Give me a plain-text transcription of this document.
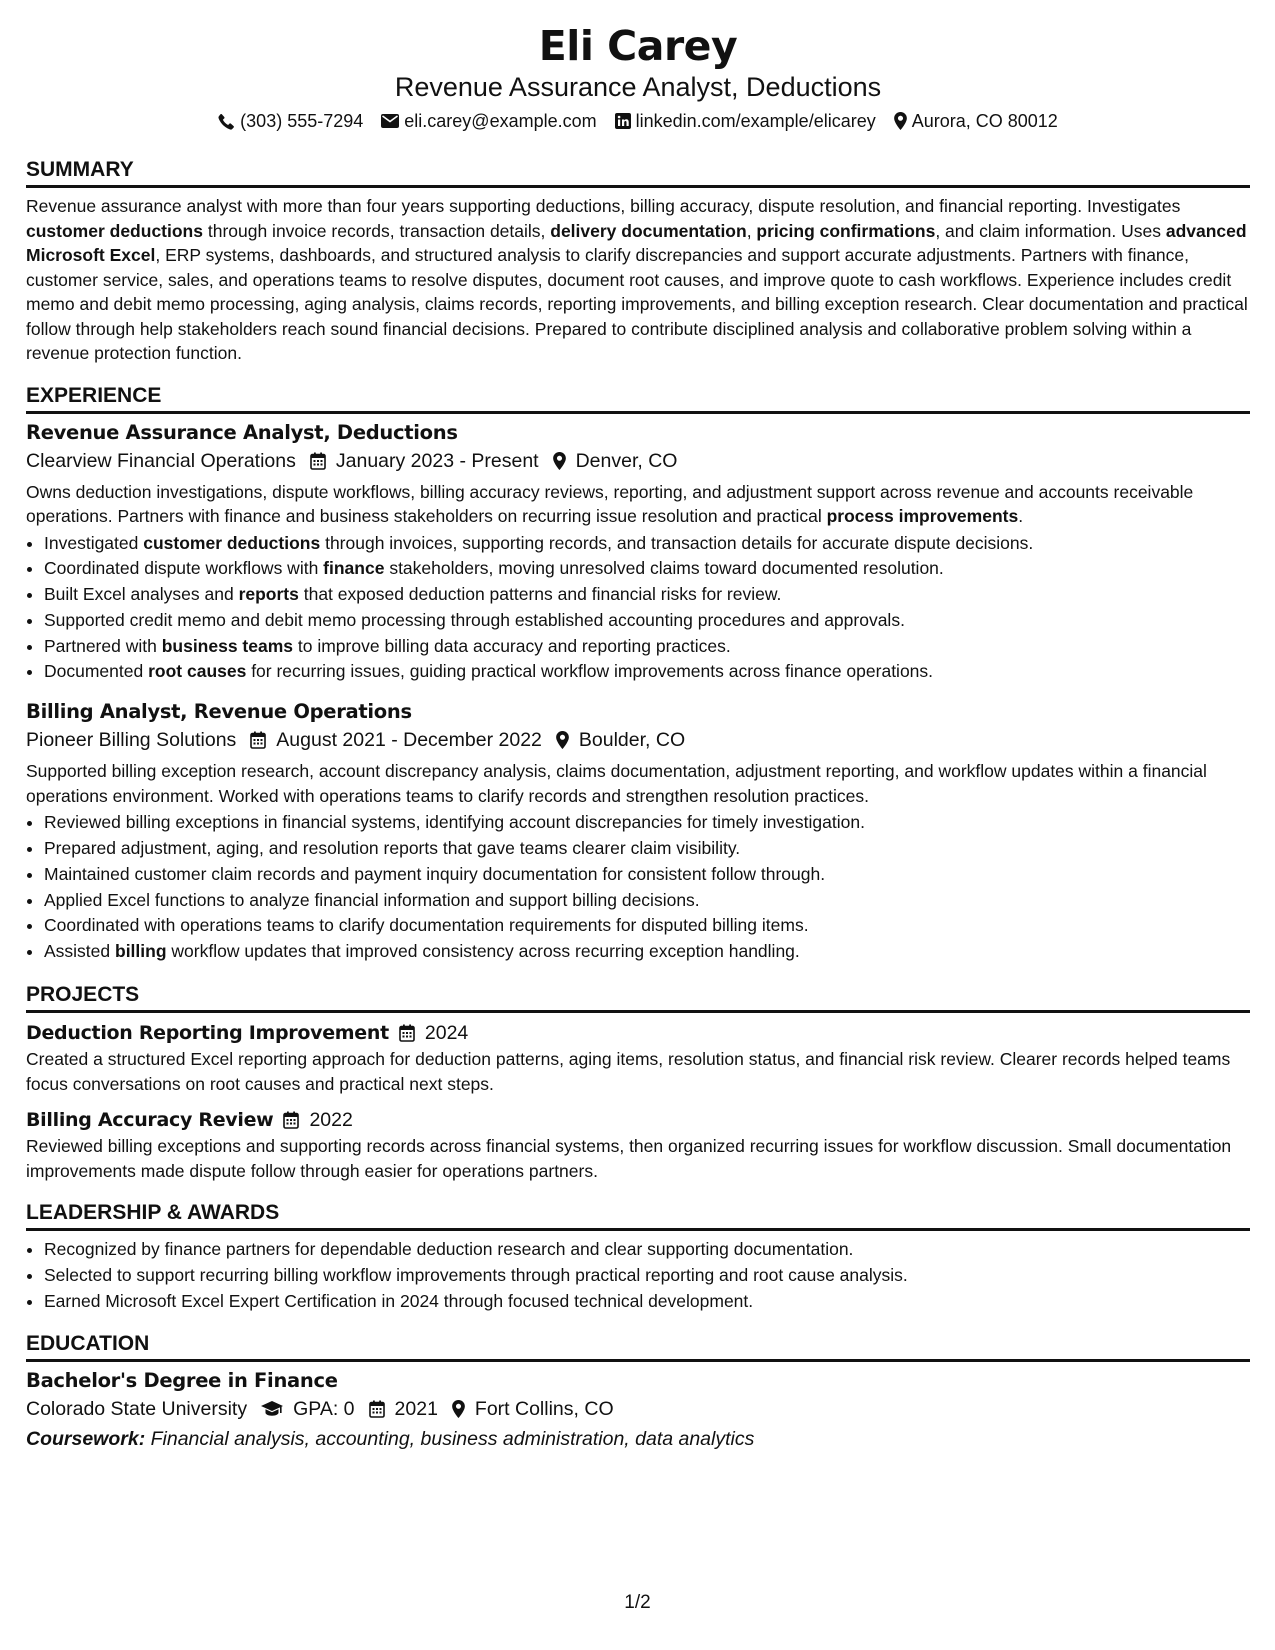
Eli Carey
Revenue Assurance Analyst, Deductions
(303) 555-7294 eli.carey@example.com linkedin.com/example/elicarey Aurora, CO 80012
SUMMARY

Revenue assurance analyst with more than four years supporting deductions, billing accuracy, dispute resolution, and financial reporting. Investigates customer deductions through invoice records, transaction details, delivery documentation, pricing confirmations, and claim information. Uses advanced Microsoft Excel, ERP systems, dashboards, and structured analysis to clarify discrepancies and support accurate adjustments. Partners with finance, customer service, sales, and operations teams to resolve disputes, document root causes, and improve quote to cash workflows. Experience includes credit memo and debit memo processing, aging analysis, claims records, reporting improvements, and billing exception research. Clear documentation and practical follow through help stakeholders reach sound financial decisions. Prepared to contribute disciplined analysis and collaborative problem solving within a revenue protection function.

EXPERIENCE
Revenue Assurance Analyst, Deductions
Clearview Financial Operations January 2023 - Present Denver, CO

Owns deduction investigations, dispute workflows, billing accuracy reviews, reporting, and adjustment support across revenue and accounts receivable operations. Partners with finance and business stakeholders on recurring issue resolution and practical process improvements.

• Investigated customer deductions through invoices, supporting records, and transaction details for accurate dispute decisions.
• Coordinated dispute workflows with finance stakeholders, moving unresolved claims toward documented resolution.
• Built Excel analyses and reports that exposed deduction patterns and financial risks for review.
• Supported credit memo and debit memo processing through established accounting procedures and approvals.
• Partnered with business teams to improve billing data accuracy and reporting practices.
• Documented root causes for recurring issues, guiding practical workflow improvements across finance operations.
Billing Analyst, Revenue Operations
Pioneer Billing Solutions August 2021 - December 2022 Boulder, CO

Supported billing exception research, account discrepancy analysis, claims documentation, adjustment reporting, and workflow updates within a financial operations environment. Worked with operations teams to clarify records and strengthen resolution practices.

• Reviewed billing exceptions in financial systems, identifying account discrepancies for timely investigation.
• Prepared adjustment, aging, and resolution reports that gave teams clearer claim visibility.
• Maintained customer claim records and payment inquiry documentation for consistent follow through.
• Applied Excel functions to analyze financial information and support billing decisions.
• Coordinated with operations teams to clarify documentation requirements for disputed billing items.
• Assisted billing workflow updates that improved consistency across recurring exception handling.
PROJECTS
Deduction Reporting Improvement 2024

Created a structured Excel reporting approach for deduction patterns, aging items, resolution status, and financial risk review. Clearer records helped teams focus conversations on root causes and practical next steps.

Billing Accuracy Review 2022

Reviewed billing exceptions and supporting records across financial systems, then organized recurring issues for workflow discussion. Small documentation improvements made dispute follow through easier for operations partners.

LEADERSHIP & AWARDS
• Recognized by finance partners for dependable deduction research and clear supporting documentation.
• Selected to support recurring billing workflow improvements through practical reporting and root cause analysis.
• Earned Microsoft Excel Expert Certification in 2024 through focused technical development.
EDUCATION
Bachelor's Degree in Finance
Colorado State University GPA: 0 2021 Fort Collins, CO
Coursework: Financial analysis, accounting, business administration, data analytics
1/2
